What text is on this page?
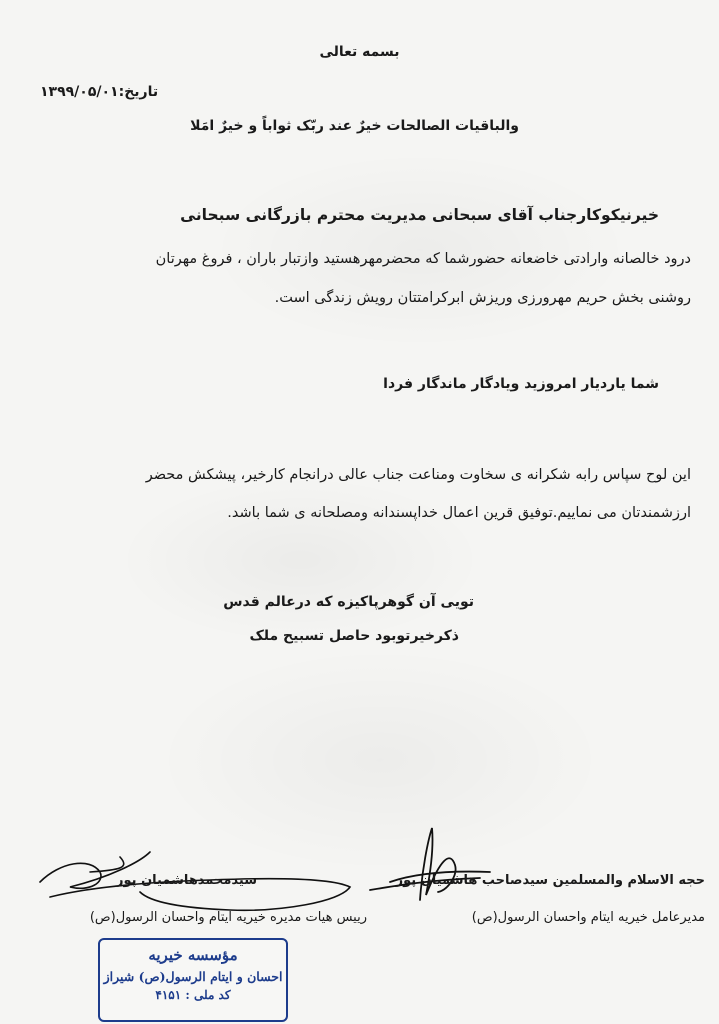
بسمه تعالی
تاریخ:۱۳۹۹/۰۵/۰۱
والباقیات الصالحات خیرٌ عند ربّک ثواباً و خیرٌ امَلا
خیرنیکوکارجناب آقای سبحانی مدیریت محترم بازرگانی سبحانی
درود خالصانه وارادتی خاضعانه حضورشما که محضرمهرهستید وازتبار باران ، فروغ مهرتان
روشنی بخش حریم مهرورزی وریزش ابرکرامتتان رویش زندگی است.
شما یاردیار امروزید ویادگار ماندگار فردا
این لوح سپاس رابه شکرانه ی سخاوت ومناعت جناب عالی درانجام کارخیر، پیشکش محضر
ارزشمندتان می نماییم.توفیق قرین اعمال خداپسندانه ومصلحانه ی شما باشد.
تویی آن گوهرپاکیزه که درعالم قدس
ذکرخیرتوبود حاصل تسبیح ملک
حجه الاسلام والمسلمین سیدصاحب هاشمیان پور
مدیرعامل خیریه ایتام واحسان الرسول(ص)
سیدمحمدهاشمیان پور
رییس هیات مدیره خیریه ایتام واحسان الرسول(ص)
مؤسسه خیریه
احسان و ایتام الرسول(ص) شیراز
کد ملی : ۴۱۵۱
